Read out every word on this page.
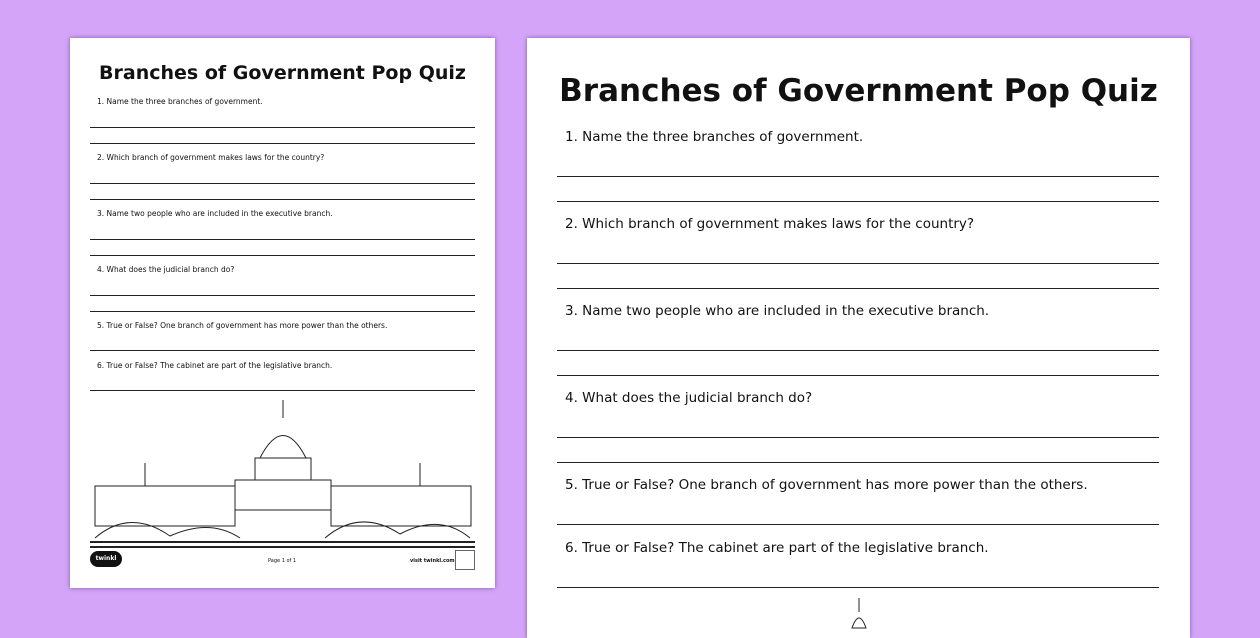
Branches of Government Pop Quiz
1. Name the three branches of government.
2. Which branch of government makes laws for the country?
3. Name two people who are included in the executive branch.
4. What does the judicial branch do?
5. True or False? One branch of government has more power than the others.
6. True or False? The cabinet are part of the legislative branch.
twinkl	Page 1 of 1	visit twinkl.com
Branches of Government Pop Quiz
1. Name the three branches of government.
2. Which branch of government makes laws for the country?
3. Name two people who are included in the executive branch.
4. What does the judicial branch do?
5. True or False? One branch of government has more power than the others.
6. True or False? The cabinet are part of the legislative branch.
